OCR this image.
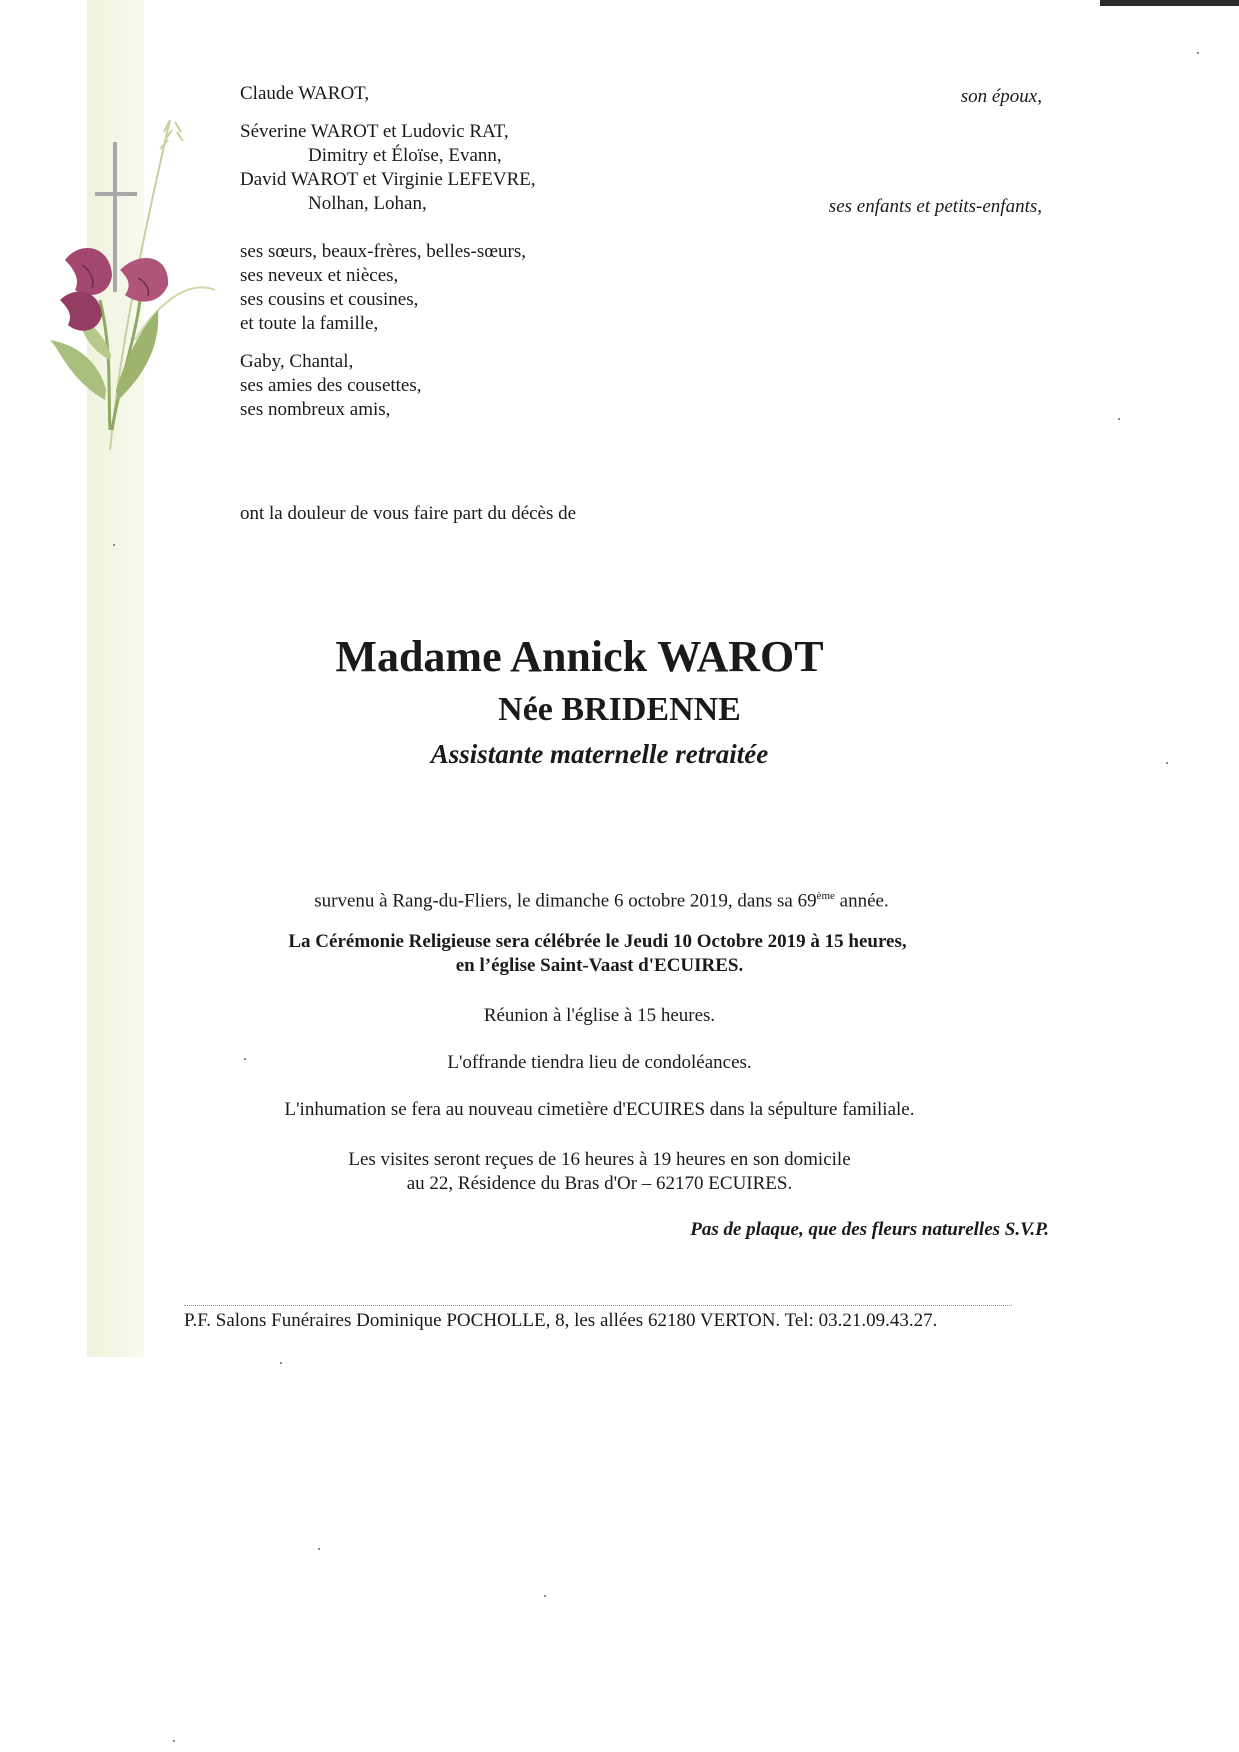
Claude WAROT,	son époux,
Séverine WAROT et Ludovic RAT,
Dimitry et Éloïse, Evann,
David WAROT et Virginie LEFEVRE,
Nolhan, Lohan,	ses enfants et petits-enfants,
ses sœurs, beaux-frères, belles-sœurs,
ses neveux et nièces,
ses cousins et cousines,
et toute la famille,
Gaby, Chantal,
ses amies des cousettes,
ses nombreux amis,
ont la douleur de vous faire part du décès de
Madame Annick WAROT
Née BRIDENNE
Assistante maternelle retraitée
survenu à Rang-du-Fliers, le dimanche 6 octobre 2019, dans sa 69ème année.
La Cérémonie Religieuse sera célébrée le Jeudi 10 Octobre 2019 à 15 heures,
en l’église Saint-Vaast d'ECUIRES.
Réunion à l'église à 15 heures.
L'offrande tiendra lieu de condoléances.
L'inhumation se fera au nouveau cimetière d'ECUIRES dans la sépulture familiale.
Les visites seront reçues de 16 heures à 19 heures en son domicile
au 22, Résidence du Bras d'Or – 62170 ECUIRES.
Pas de plaque, que des fleurs naturelles S.V.P.
P.F. Salons Funéraires Dominique POCHOLLE, 8, les allées 62180 VERTON. Tel: 03.21.09.43.27.
